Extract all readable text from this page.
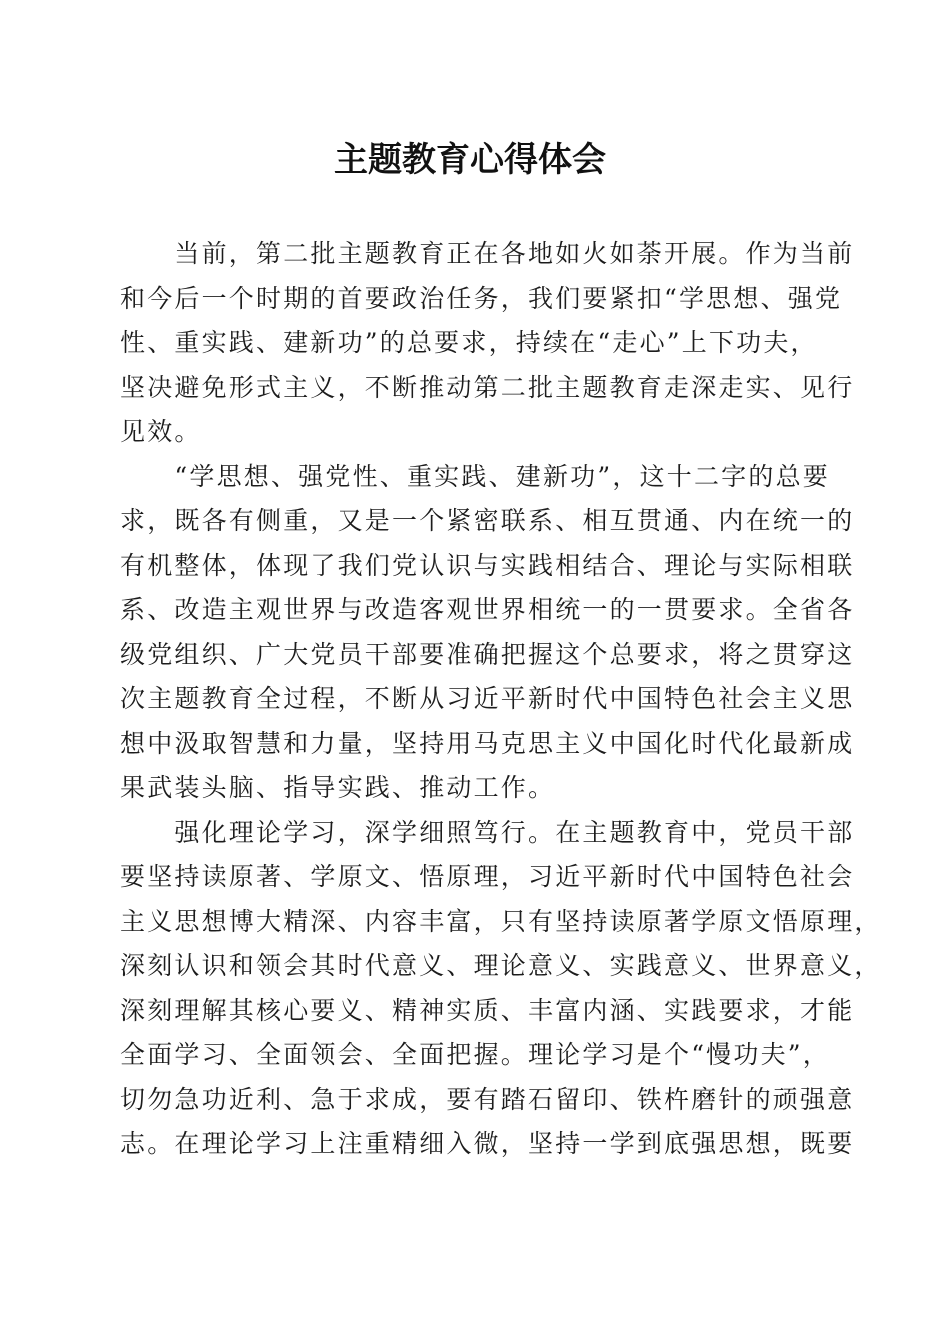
主题教育心得体会
　　当前，第二批主题教育正在各地如火如荼开展。作为当前
和今后一个时期的首要政治任务，我们要紧扣“学思想、强党
性、重实践、建新功”的总要求，持续在“走心”上下功夫，
坚决避免形式主义，不断推动第二批主题教育走深走实、见行
见效。
　　“学思想、强党性、重实践、建新功”，这十二字的总要
求，既各有侧重，又是一个紧密联系、相互贯通、内在统一的
有机整体，体现了我们党认识与实践相结合、理论与实际相联
系、改造主观世界与改造客观世界相统一的一贯要求。全省各
级党组织、广大党员干部要准确把握这个总要求，将之贯穿这
次主题教育全过程，不断从习近平新时代中国特色社会主义思
想中汲取智慧和力量，坚持用马克思主义中国化时代化最新成
果武装头脑、指导实践、推动工作。
　　强化理论学习，深学细照笃行。在主题教育中，党员干部
要坚持读原著、学原文、悟原理，习近平新时代中国特色社会
主义思想博大精深、内容丰富，只有坚持读原著学原文悟原理，
深刻认识和领会其时代意义、理论意义、实践意义、世界意义，
深刻理解其核心要义、精神实质、丰富内涵、实践要求，才能
全面学习、全面领会、全面把握。理论学习是个“慢功夫”，
切勿急功近利、急于求成，要有踏石留印、铁杵磨针的顽强意
志。在理论学习上注重精细入微，坚持一学到底强思想，既要
